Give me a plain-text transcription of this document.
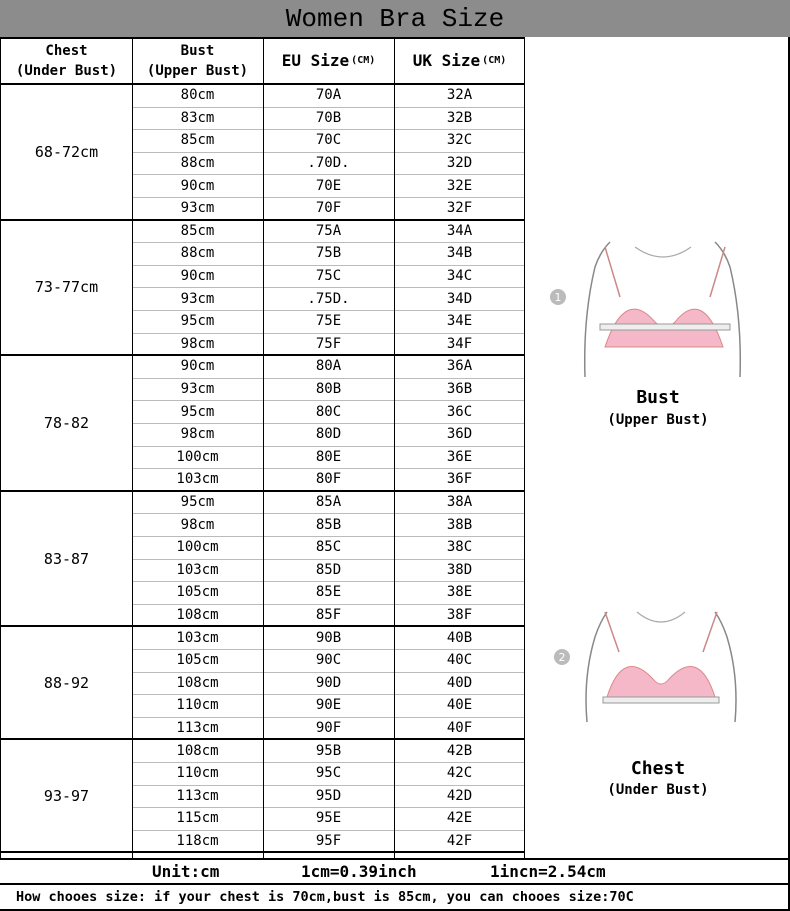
Women Bra Size
Chest
(Under Bust)
Bust
(Upper Bust)
EU Size (CM) UK Size (CM)
68-72cm
80cm	70A	32A
83cm	70B	32B
85cm	70C	32C
88cm	.70D.	32D
90cm	70E	32E
93cm	70F	32F
73-77cm
85cm	75A	34A
88cm	75B	34B
90cm	75C	34C
93cm	.75D.	34D
95cm	75E	34E
98cm	75F	34F
78-82
90cm	80A	36A
93cm	80B	36B
95cm	80C	36C
98cm	80D	36D
100cm	80E	36E
103cm	80F	36F
83-87
95cm	85A	38A
98cm	85B	38B
100cm	85C	38C
103cm	85D	38D
105cm	85E	38E
108cm	85F	38F
88-92
103cm	90B	40B
105cm	90C	40C
108cm	90D	40D
110cm	90E	40E
113cm	90F	40F
93-97
108cm	95B	42B
110cm	95C	42C
113cm	95D	42D
115cm	95E	42E
118cm	95F	42F
1
Bust
(Upper Bust)
2
Chest
(Under Bust)
Unit:cm	1cm=0.39inch	1incn=2.54cm
How chooes size: if your chest is 70cm,bust is 85cm, you can chooes size:70C
